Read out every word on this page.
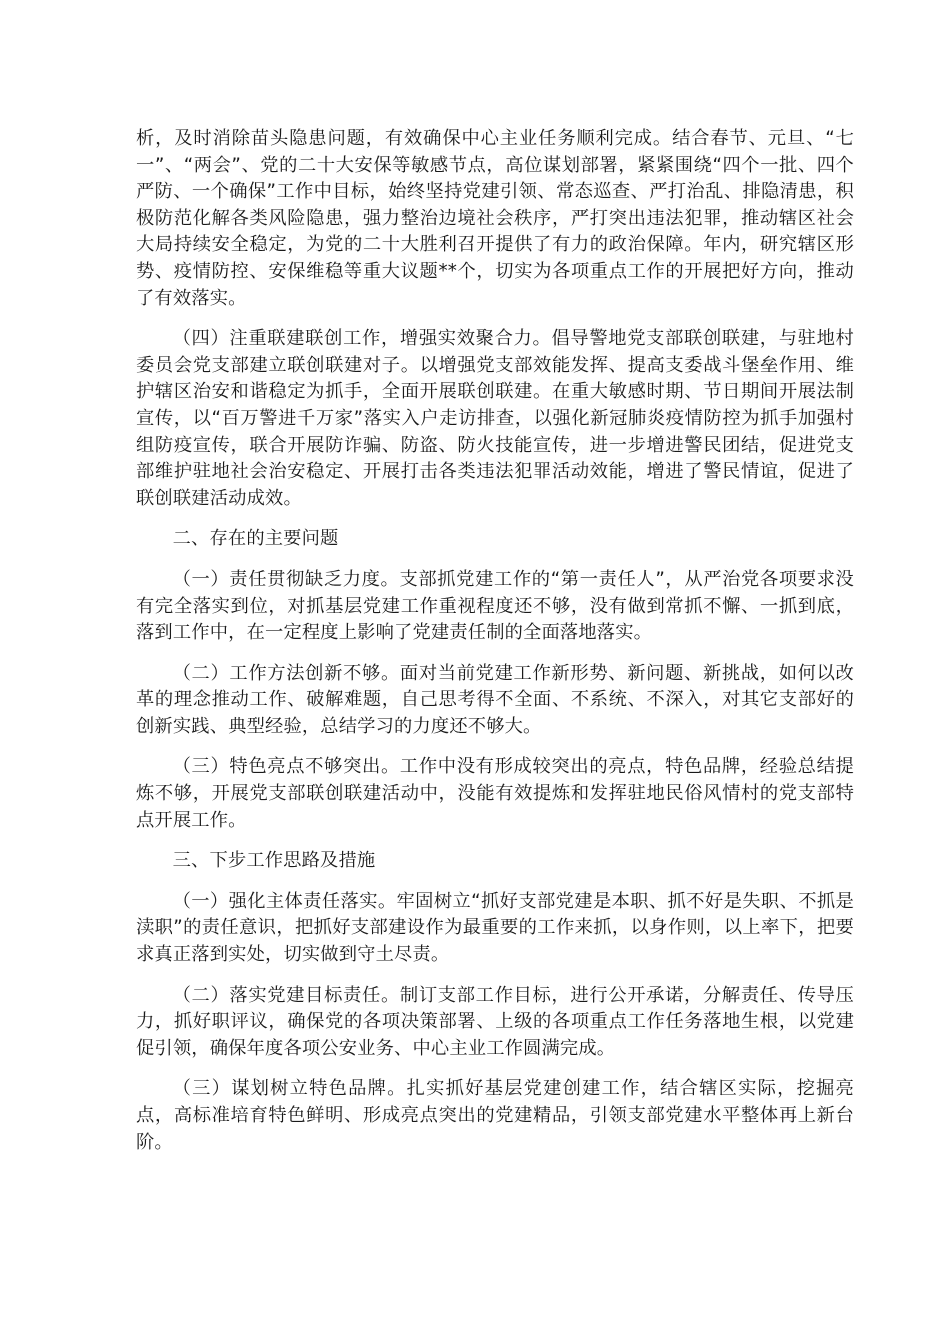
析，及时消除苗头隐患问题，有效确保中心主业任务顺利完成。结合春节、元旦、“七一”、“两会”、党的二十大安保等敏感节点，高位谋划部署，紧紧围绕“四个一批、四个严防、一个确保”工作中目标，始终坚持党建引领、常态巡查、严打治乱、排隐清患，积极防范化解各类风险隐患，强力整治边境社会秩序，严打突出违法犯罪，推动辖区社会大局持续安全稳定，为党的二十大胜利召开提供了有力的政治保障。年内，研究辖区形势、疫情防控、安保维稳等重大议题**个，切实为各项重点工作的开展把好方向，推动了有效落实。

（四）注重联建联创工作，增强实效聚合力。倡导警地党支部联创联建，与驻地村委员会党支部建立联创联建对子。以增强党支部效能发挥、提高支委战斗堡垒作用、维护辖区治安和谐稳定为抓手，全面开展联创联建。在重大敏感时期、节日期间开展法制宣传，以“百万警进千万家”落实入户走访排查，以强化新冠肺炎疫情防控为抓手加强村组防疫宣传，联合开展防诈骗、防盗、防火技能宣传，进一步增进警民团结，促进党支部维护驻地社会治安稳定、开展打击各类违法犯罪活动效能，增进了警民情谊，促进了联创联建活动成效。

二、存在的主要问题

（一）责任贯彻缺乏力度。支部抓党建工作的“第一责任人”，从严治党各项要求没有完全落实到位，对抓基层党建工作重视程度还不够，没有做到常抓不懈、一抓到底，落到工作中，在一定程度上影响了党建责任制的全面落地落实。

（二）工作方法创新不够。面对当前党建工作新形势、新问题、新挑战，如何以改革的理念推动工作、破解难题，自己思考得不全面、不系统、不深入，对其它支部好的创新实践、典型经验，总结学习的力度还不够大。

（三）特色亮点不够突出。工作中没有形成较突出的亮点，特色品牌，经验总结提炼不够，开展党支部联创联建活动中，没能有效提炼和发挥驻地民俗风情村的党支部特点开展工作。

三、下步工作思路及措施

（一）强化主体责任落实。牢固树立“抓好支部党建是本职、抓不好是失职、不抓是渎职”的责任意识，把抓好支部建设作为最重要的工作来抓，以身作则，以上率下，把要求真正落到实处，切实做到守土尽责。

（二）落实党建目标责任。制订支部工作目标，进行公开承诺，分解责任、传导压力，抓好职评议，确保党的各项决策部署、上级的各项重点工作任务落地生根，以党建促引领，确保年度各项公安业务、中心主业工作圆满完成。

（三）谋划树立特色品牌。扎实抓好基层党建创建工作，结合辖区实际，挖掘亮点，高标准培育特色鲜明、形成亮点突出的党建精品，引领支部党建水平整体再上新台阶。
